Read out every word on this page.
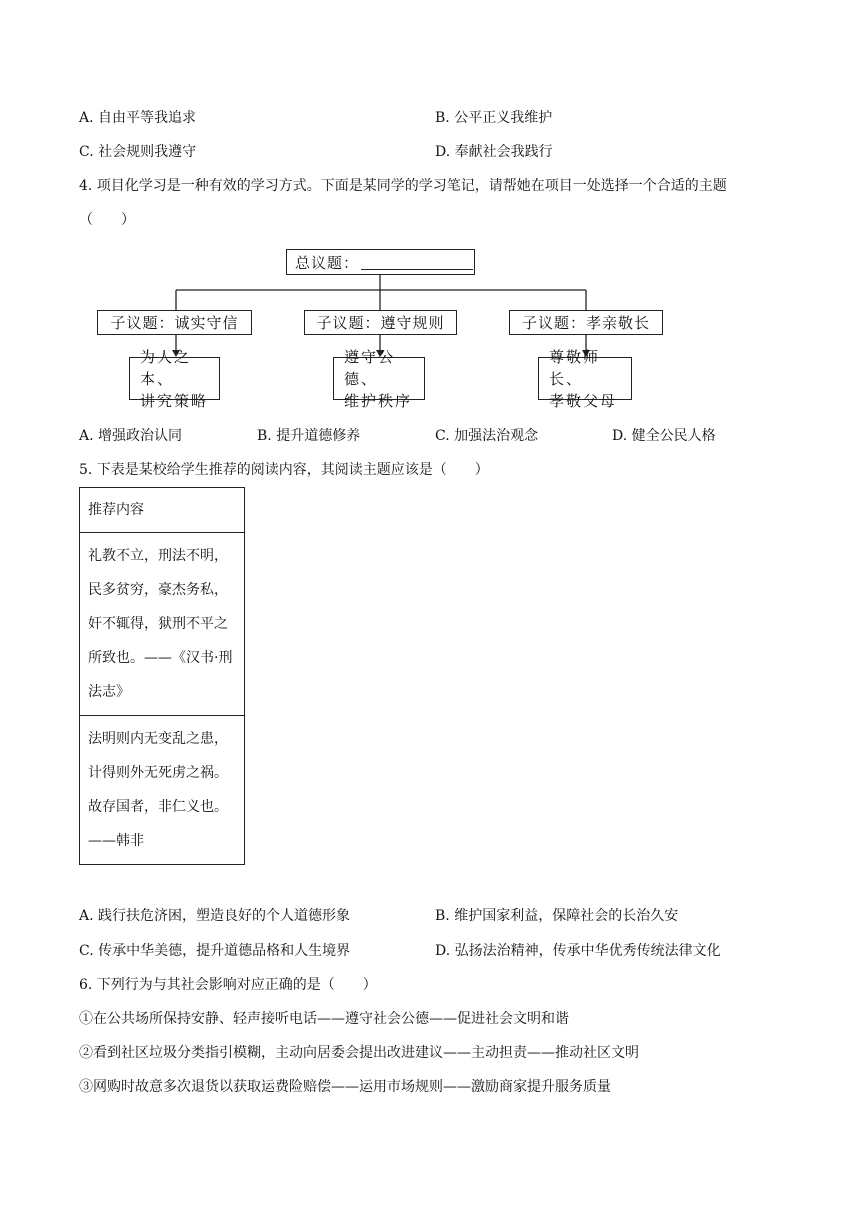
A. 自由平等我追求	B. 公平正义我维护
C. 社会规则我遵守	D. 奉献社会我践行
4. 项目化学习是一种有效的学习方式。下面是某同学的学习笔记，请帮她在项目一处选择一个合适的主题
（　　）
总议题：
子议题：诚实守信	子议题：遵守规则	子议题：孝亲敬长
为人之本、
讲究策略
遵守公德、
维护秩序
尊敬师长、
孝敬父母
A. 增强政治认同	B. 提升道德修养	C. 加强法治观念	D. 健全公民人格
5. 下表是某校给学生推荐的阅读内容，其阅读主题应该是（　　）
推荐内容
礼教不立，刑法不明，民多贫穷，豪杰务私，奸不辄得，狱刑不平之所致也。——《汉书·刑法志》
法明则内无变乱之患，计得则外无死虏之祸。故存国者，非仁义也。——韩非
A. 践行扶危济困，塑造良好的个人道德形象	B. 维护国家利益，保障社会的长治久安
C. 传承中华美德，提升道德品格和人生境界	D. 弘扬法治精神，传承中华优秀传统法律文化
6. 下列行为与其社会影响对应正确的是（　　）
①在公共场所保持安静、轻声接听电话——遵守社会公德——促进社会文明和谐
②看到社区垃圾分类指引模糊，主动向居委会提出改进建议——主动担责——推动社区文明
③网购时故意多次退货以获取运费险赔偿——运用市场规则——激励商家提升服务质量
